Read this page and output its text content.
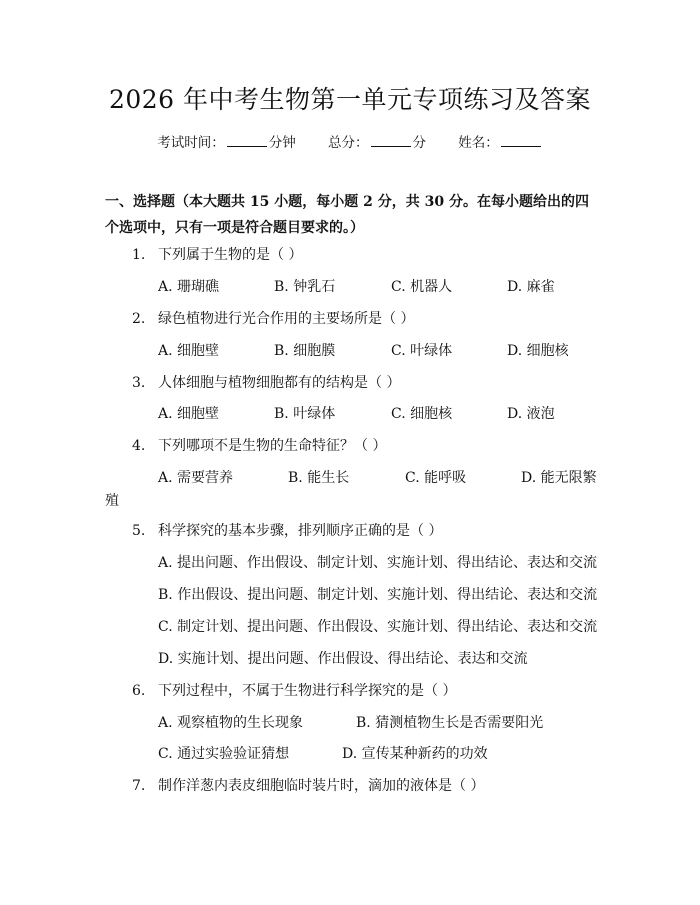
2026 年中考生物第一单元专项练习及答案
考试时间：	分钟 总分：	分 姓名：
一、选择题（本大题共 15 小题，每小题 2 分，共 30 分。在每小题给出的四个选项中，只有一项是符合题目要求的。）
1. 下列属于生物的是（ ）
A. 珊瑚礁	B. 钟乳石	C. 机器人	D. 麻雀
2. 绿色植物进行光合作用的主要场所是（ ）
A. 细胞壁	B. 细胞膜	C. 叶绿体	D. 细胞核
3. 人体细胞与植物细胞都有的结构是（ ）
A. 细胞壁	B. 叶绿体	C. 细胞核	D. 液泡
4. 下列哪项不是生物的生命特征？（ ）
A. 需要营养	B. 能生长	C. 能呼吸	D. 能无限繁
殖
5. 科学探究的基本步骤，排列顺序正确的是（ ）
A. 提出问题、作出假设、制定计划、实施计划、得出结论、表达和交流
B. 作出假设、提出问题、制定计划、实施计划、得出结论、表达和交流
C. 制定计划、提出问题、作出假设、实施计划、得出结论、表达和交流
D. 实施计划、提出问题、作出假设、得出结论、表达和交流
6. 下列过程中，不属于生物进行科学探究的是（ ）
A. 观察植物的生长现象	B. 猜测植物生长是否需要阳光
C. 通过实验验证猜想	D. 宣传某种新药的功效
7. 制作洋葱内表皮细胞临时装片时，滴加的液体是（ ）
